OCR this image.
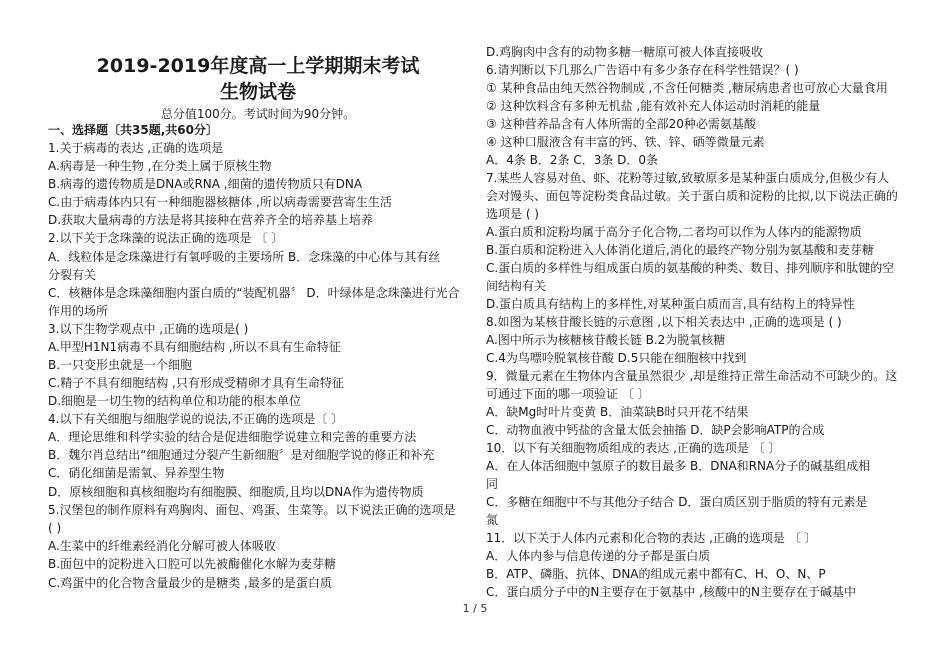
2019-2019年度高一上学期期末考试
生物试卷
总分值100分。考试时间为90分钟。
一、选择题〔共35题,共60分〕
1.关于病毒的表达 ,正确的选项是
A.病毒是一种生物 ,在分类上属于原核生物
B.病毒的遗传物质是DNA或RNA ,细菌的遗传物质只有DNA
C.由于病毒体内只有一种细胞器核糖体 ,所以病毒需要营寄生生活
D.获取大量病毒的方法是将其接种在营养齐全的培养基上培养
2.以下关于念珠藻的说法正确的选项是 〔 〕
A．线粒体是念珠藻进行有氧呼吸的主要场所 B．念珠藻的中心体与其有丝
分裂有关
C．核糖体是念珠藻细胞内蛋白质的“装配机器〞 D．叶绿体是念珠藻进行光合
作用的场所
3.以下生物学观点中 ,正确的选项是( )
A.甲型H1N1病毒不具有细胞结构 ,所以不具有生命特征
B.一只变形虫就是一个细胞
C.精子不具有细胞结构 ,只有形成受精卵才具有生命特征
D.细胞是一切生物的结构单位和功能的根本单位
4.以下有关细胞与细胞学说的说法,不正确的选项是〔 〕
A．理论思维和科学实验的结合是促进细胞学说建立和完善的重要方法
B．魏尔肖总结出“细胞通过分裂产生新细胞〞是对细胞学说的修正和补充
C．硝化细菌是需氧、异养型生物
D．原核细胞和真核细胞均有细胞膜、细胞质,且均以DNA作为遗传物质
5.汉堡包的制作原料有鸡胸肉、面包、鸡蛋、生菜等。以下说法正确的选项是
( )
A.生菜中的纤维素经消化分解可被人体吸收
B.面包中的淀粉进入口腔可以先被酶催化水解为麦芽糖
C.鸡蛋中的化合物含量最少的是糖类 ,最多的是蛋白质
D.鸡胸肉中含有的动物多糖一糖原可被人体直接吸收
6.请判断以下几那么广告语中有多少条存在科学性错误？( )
① 某种食品由纯天然谷物制成 ,不含任何糖类 ,糖尿病患者也可放心大量食用
② 这种饮料含有多种无机盐 ,能有效补充人体运动时消耗的能量
③ 这种营养品含有人体所需的全部20种必需氨基酸
④ 这种口服液含有丰富的钙、铁、锌、硒等微量元素
A．4条 B．2条 C．3条 D．0条
7.某些人容易对鱼、虾、花粉等过敏,致敏原多是某种蛋白质成分,但极少有人
会对馒头、面包等淀粉类食品过敏。关于蛋白质和淀粉的比拟,以下说法正确的
选项是 ( )
A.蛋白质和淀粉均属于高分子化合物,二者均可以作为人体内的能源物质
B.蛋白质和淀粉进入人体消化道后,消化的最终产物分别为氨基酸和麦芽糖
C.蛋白质的多样性与组成蛋白质的氨基酸的种类、数目、排列顺序和肽键的空
间结构有关
D.蛋白质具有结构上的多样性,对某种蛋白质而言,具有结构上的特异性
8.如图为某核苷酸长链的示意图 ,以下相关表达中 ,正确的选项是 ( )
A.图中所示为核糖核苷酸长链 B.2为脱氧核糖
C.4为鸟嘌呤脱氧核苷酸 D.5只能在细胞核中找到
9．微量元素在生物体内含量虽然很少 ,却是维持正常生命活动不可缺少的。这
可通过下面的哪一项验证 〔 〕
A．缺Mg时叶片变黄 B．油菜缺B时只开花不结果
C．动物血液中钙盐的含量太低会抽搐 D．缺P会影响ATP的合成
10．以下有关细胞物质组成的表达 ,正确的选项是 〔 〕
A．在人体活细胞中氢原子的数目最多 B．DNA和RNA分子的碱基组成相
同
C．多糖在细胞中不与其他分子结合 D．蛋白质区别于脂质的特有元素是
氮
11．以下关于人体内元素和化合物的表达 ,正确的选项是 〔 〕
A．人体内参与信息传递的分子都是蛋白质
B．ATP、磷脂、抗体、DNA的组成元素中都有C、H、O、N、P
C．蛋白质分子中的N主要存在于氨基中 ,核酸中的N主要存在于碱基中
1 / 5
